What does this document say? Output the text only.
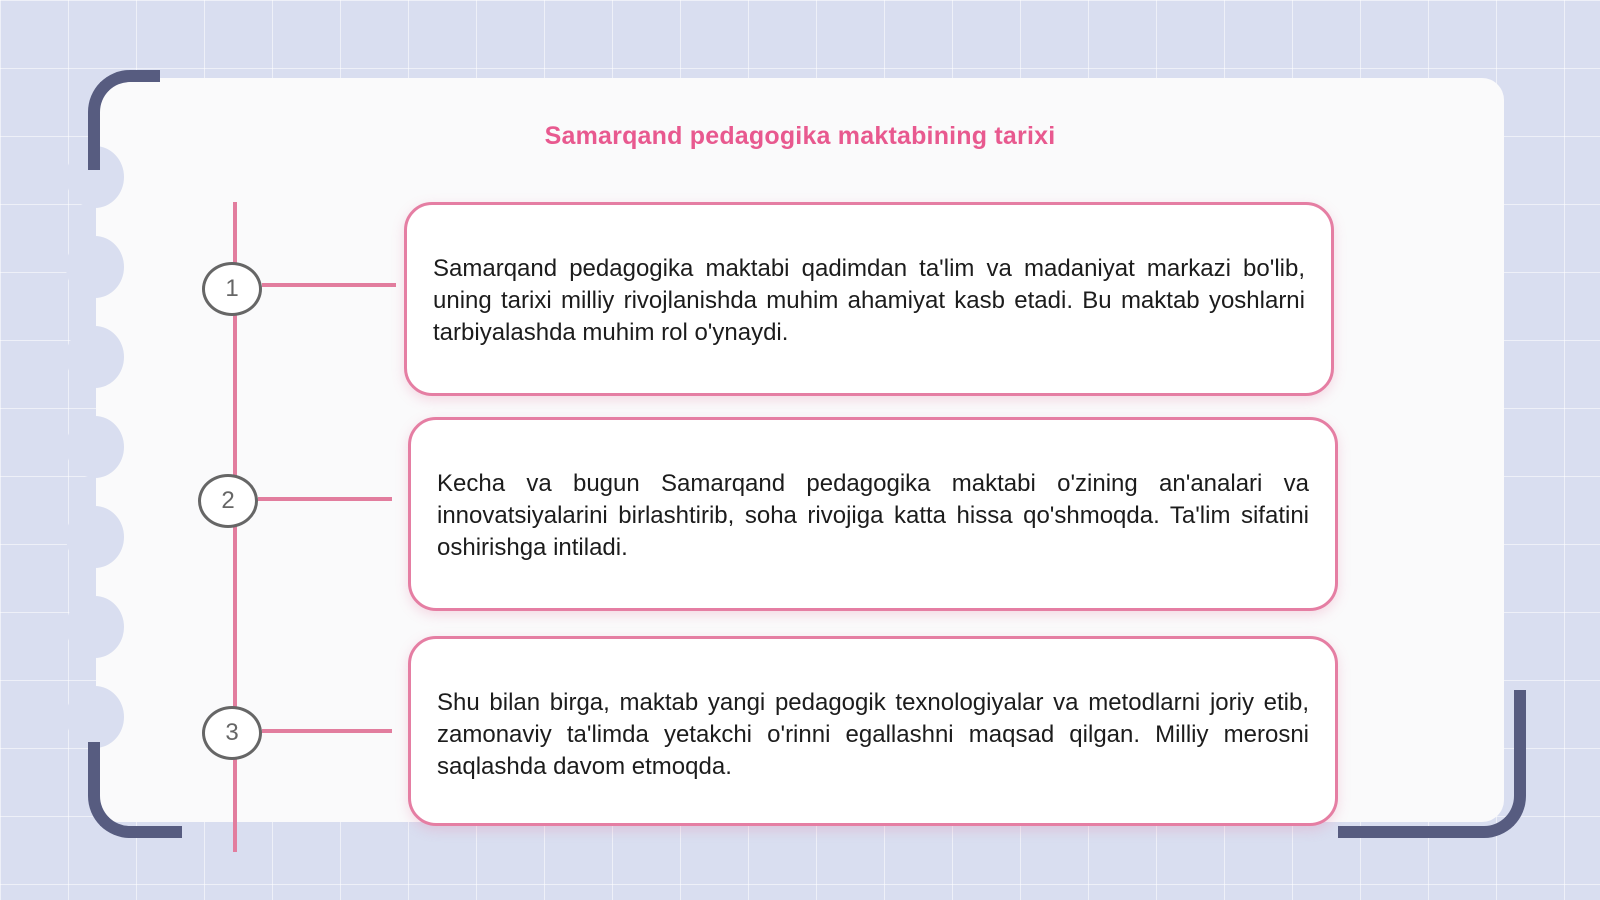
Samarqand pedagogika maktabining tarixi
1

Samarqand pedagogika maktabi qadimdan ta'lim va madaniyat markazi bo'lib, uning tarixi milliy rivojlanishda muhim ahamiyat kasb etadi. Bu maktab yoshlarni tarbiyalashda muhim rol o'ynaydi.

2

Kecha va bugun Samarqand pedagogika maktabi o'zining an'analari va innovatsiyalarini birlashtirib, soha rivojiga katta hissa qo'shmoqda. Ta'lim sifatini oshirishga intiladi.

3

Shu bilan birga, maktab yangi pedagogik texnologiyalar va metodlarni joriy etib, zamonaviy ta'limda yetakchi o'rinni egallashni maqsad qilgan. Milliy merosni saqlashda davom etmoqda.
